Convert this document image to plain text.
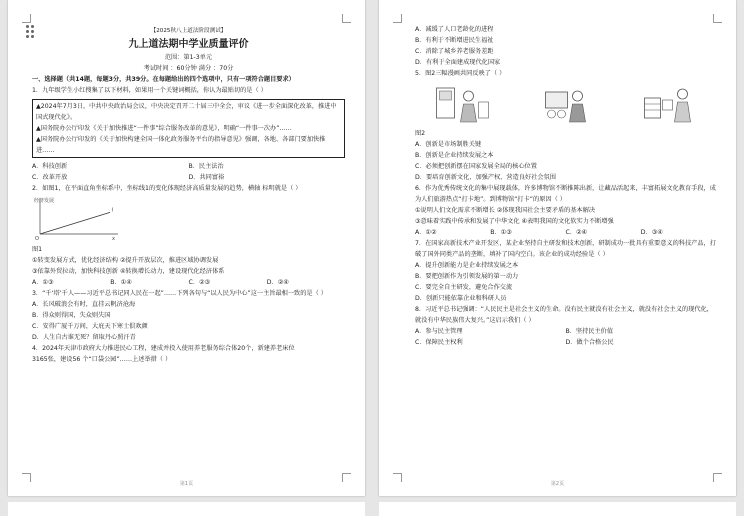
【2025秋八上道法阶段测试】
九上道法期中学业质量评价
范围：第1-3单元
考试时间 ：60分钟 满分 ：70分
一、选择题（共14题，每题3分，共39分。在每题给出的四个选项中，只有一项符合题目要求）
1．九年级学生小红搜集了以下材料，如果用一个关键词概括，你认为最贴切的是（ ）
▲2024年7月3日，中共中央政治局会议，中央决定召开二十届三中全会，审议《进一步全面深化改革，推进中国式现代化》。
▲国务院办公厅印发《关于加快推进“一件事”综合服务改革的意见》，明确“一件事一次办”……
▲国务院办公厅印发的《关于加快构建全国一体化政务服务平台的指导意见》强调，各地、各部门要加快推进……
A．科技创新	B．民主法治
C．改革开放	D．共同富裕
2．如图1，在平面直角坐标系中，坐标线1的变化体现经济高质量发展的趋势，横轴 标明就是（ ）
经济发展
x
O
l
图1
①转变发展方式，优化经济结构 ②提升开放层次，推进区域协调发展
③依靠外贸拉动，加快科技创新 ④转换增长动力，建设现代化经济体系
A．①③	B．①④	C．②③	D．②④
3．“千‘塔’千人——习近平总书记同人民在一起”……下列各句与“以人民为中心”这一主旨最相一致的是（ ）
A．长风破浪会有时，直挂云帆济沧海
B．得众则得国，失众则失国
C．安得广厦千万间，大庇天下寒士俱欢颜
D．人生自古谁无死？留取丹心照汗青
4．2024年天津市政府大力推进民心工程，建成并投入使用养老服务综合体20个，新建养老床位
3165张，建设56 个“口袋公园”……上述举措（ ）
第1页
A．减缓了人口老龄化的进程
B．有利于不断增进民生福祉
C．消除了城乡养老服务差距
D．有利于全面建成现代化国家
5．图2三幅漫画共同反映了（ ）
图2
A．创新是市场制胜关键
B．创新是企业持续发展之本
C．必须把创新摆在国家发展全局的核心位置
D．要培育创新文化，加强产权、营造良好社会氛围
6．作为优秀传统文化的集中展现载体，许多博物馆不断推陈出新，让藏品活起来，丰富拓展文化教育手段，成为人们旅游热点“打卡地”。到博物馆“打卡”的原因（ ）
①说明人们文化需求不断增长 ②体现我国社会主要矛盾的基本解决
③意味着实践中传承和发展了中华文化 ④表明我国的文化软实力不断增强
A．①②	B．①③	C．②④	D．③④
7．在国家高新技术产业开发区，某企业坚持自主研发和技术创新，研制成功一批具有重要意义的科技产品，打破了国外同类产品的垄断，填补了国内空白。该企业的成功经验是（ ）
A．提升创新能力是企业持续发展之本
B．要把创新作为引领发展的第一动力
C．要完全自主研发，避免合作交流
D．创新只能依靠企业和科研人员
8．习近平总书记强调：“人民民主是社会主义的生命。没有民主就没有社会主义，就没有社会主义的现代化，就没有中华民族伟大复兴。”这启示我们（ ）
A．参与民主管理	B．坚持民主价值
C．保障民主权利	D．做个合格公民
第2页
